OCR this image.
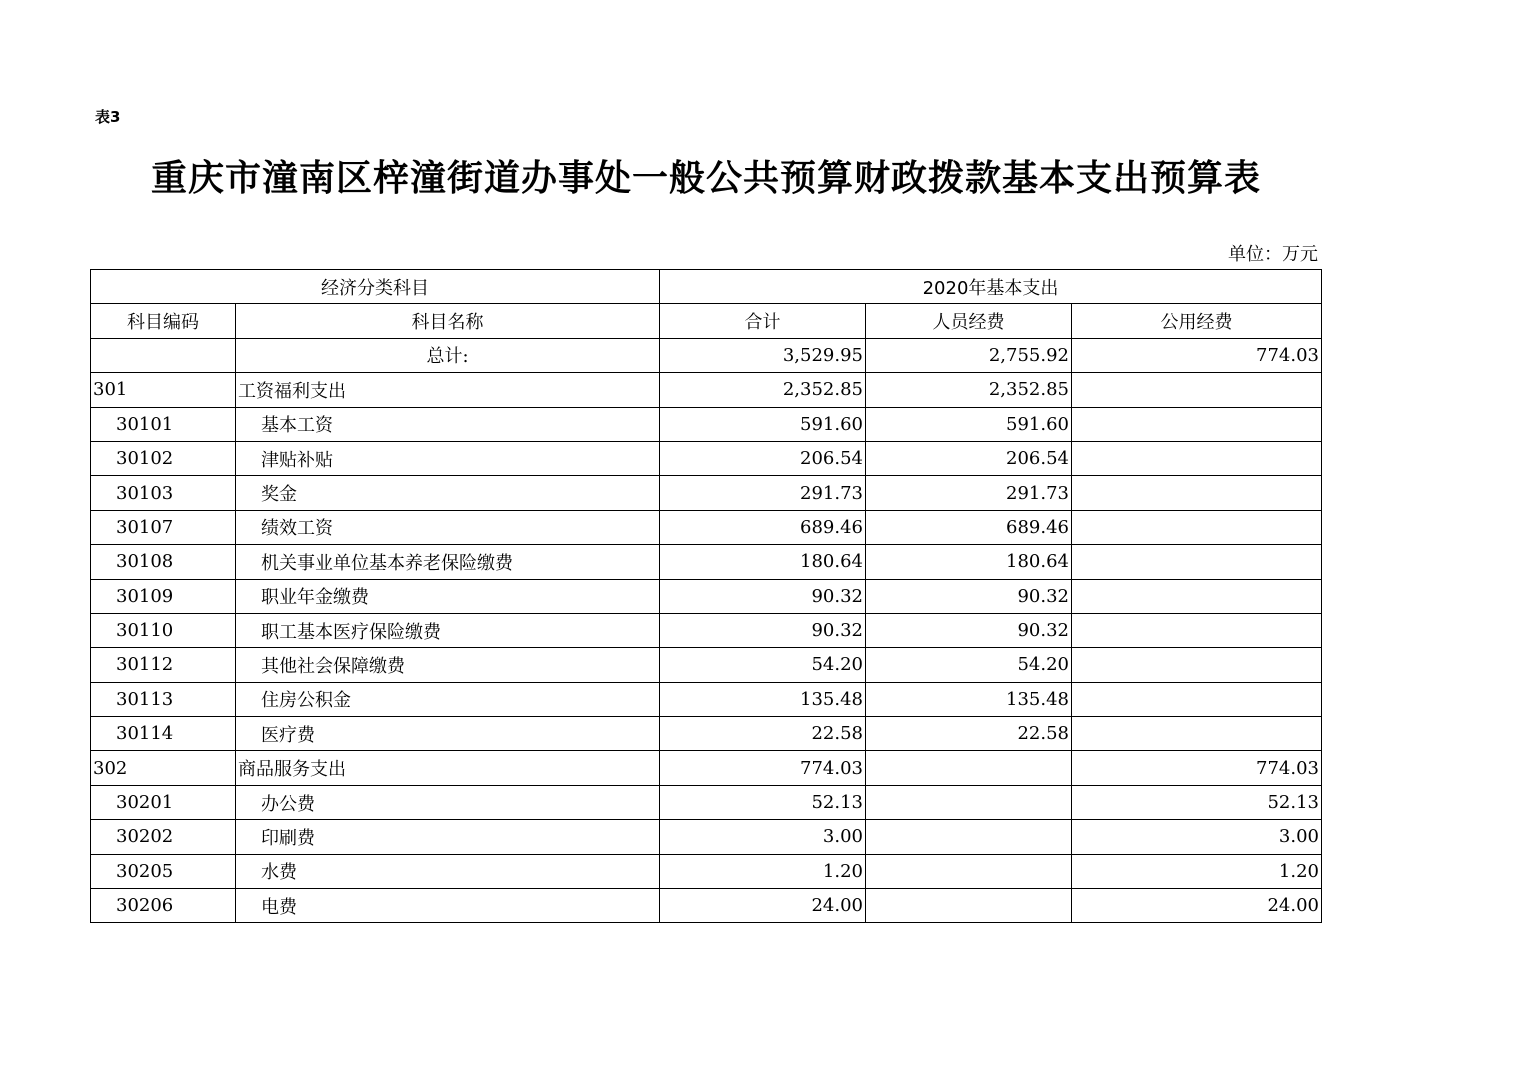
表3
重庆市潼南区梓潼街道办事处一般公共预算财政拨款基本支出预算表
单位：万元
经济分类科目		2020年基本支出		
科目编码	科目名称	合计	人员经费	公用经费
	总计:	3,529.95	2,755.92	774.03
301	工资福利支出	2,352.85	2,352.85	
30101	基本工资	591.60	591.60	
30102	津贴补贴	206.54	206.54	
30103	奖金	291.73	291.73	
30107	绩效工资	689.46	689.46	
30108	机关事业单位基本养老保险缴费	180.64	180.64	
30109	职业年金缴费	90.32	90.32	
30110	职工基本医疗保险缴费	90.32	90.32	
30112	其他社会保障缴费	54.20	54.20	
30113	住房公积金	135.48	135.48	
30114	医疗费	22.58	22.58	
302	商品服务支出	774.03		774.03
30201	办公费	52.13		52.13
30202	印刷费	3.00		3.00
30205	水费	1.20		1.20
30206	电费	24.00		24.00
